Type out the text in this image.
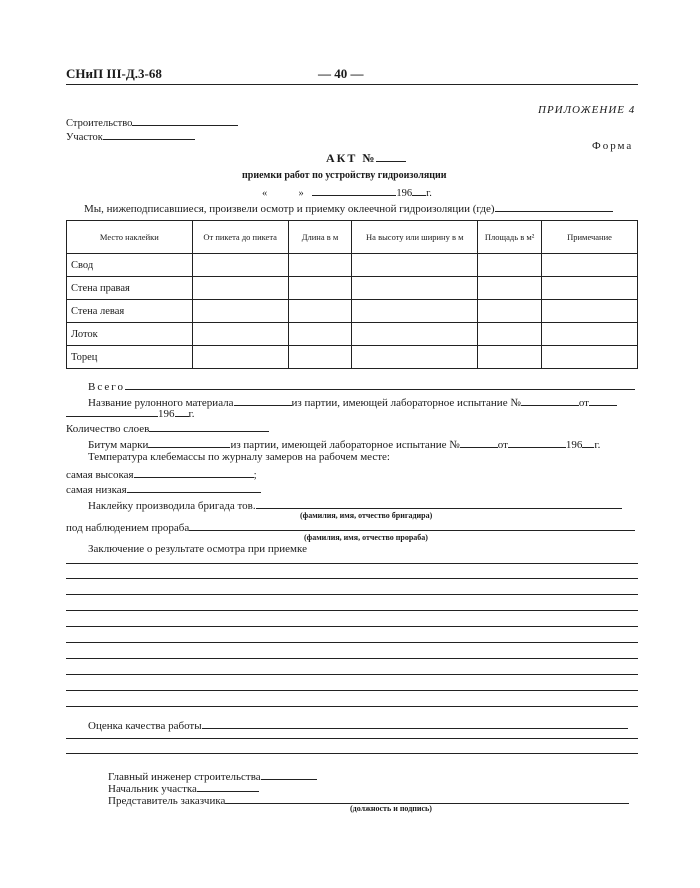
СНиП III-Д.3-68	— 40 —
ПРИЛОЖЕНИЕ 4
Строительство
Участок
Форма
АКТ №
приемки работ по устройству гидроизоляции
«	»	196 г.
Мы, нижеподписавшиеся, произвели осмотр и приемку оклеечной гидроизоляции (где)
Место наклейки	От пикета до пикета	Длина в м	На высоту или ширину в м	Площадь в м²	Примечание
Свод					
Стена правая					
Стена левая					
Лоток					
Торец					
Всего
Название рулонного материала	из партии, имеющей лабораторное испытание №	от
196 г.
Количество слоев
Битум марки	из партии, имеющей лабораторное испытание №	от	196 г.
Температура клебемассы по журналу замеров на рабочем месте:
самая высокая	;
самая низкая
Наклейку производила бригада тов.
(фамилия, имя, отчество бригадира)
под наблюдением прораба
(фамилия, имя, отчество прораба)
Заключение о результате осмотра при приемке
Оценка качества работы
Главный инженер строительства
Начальник участка
Представитель заказчика
(должность и подпись)
